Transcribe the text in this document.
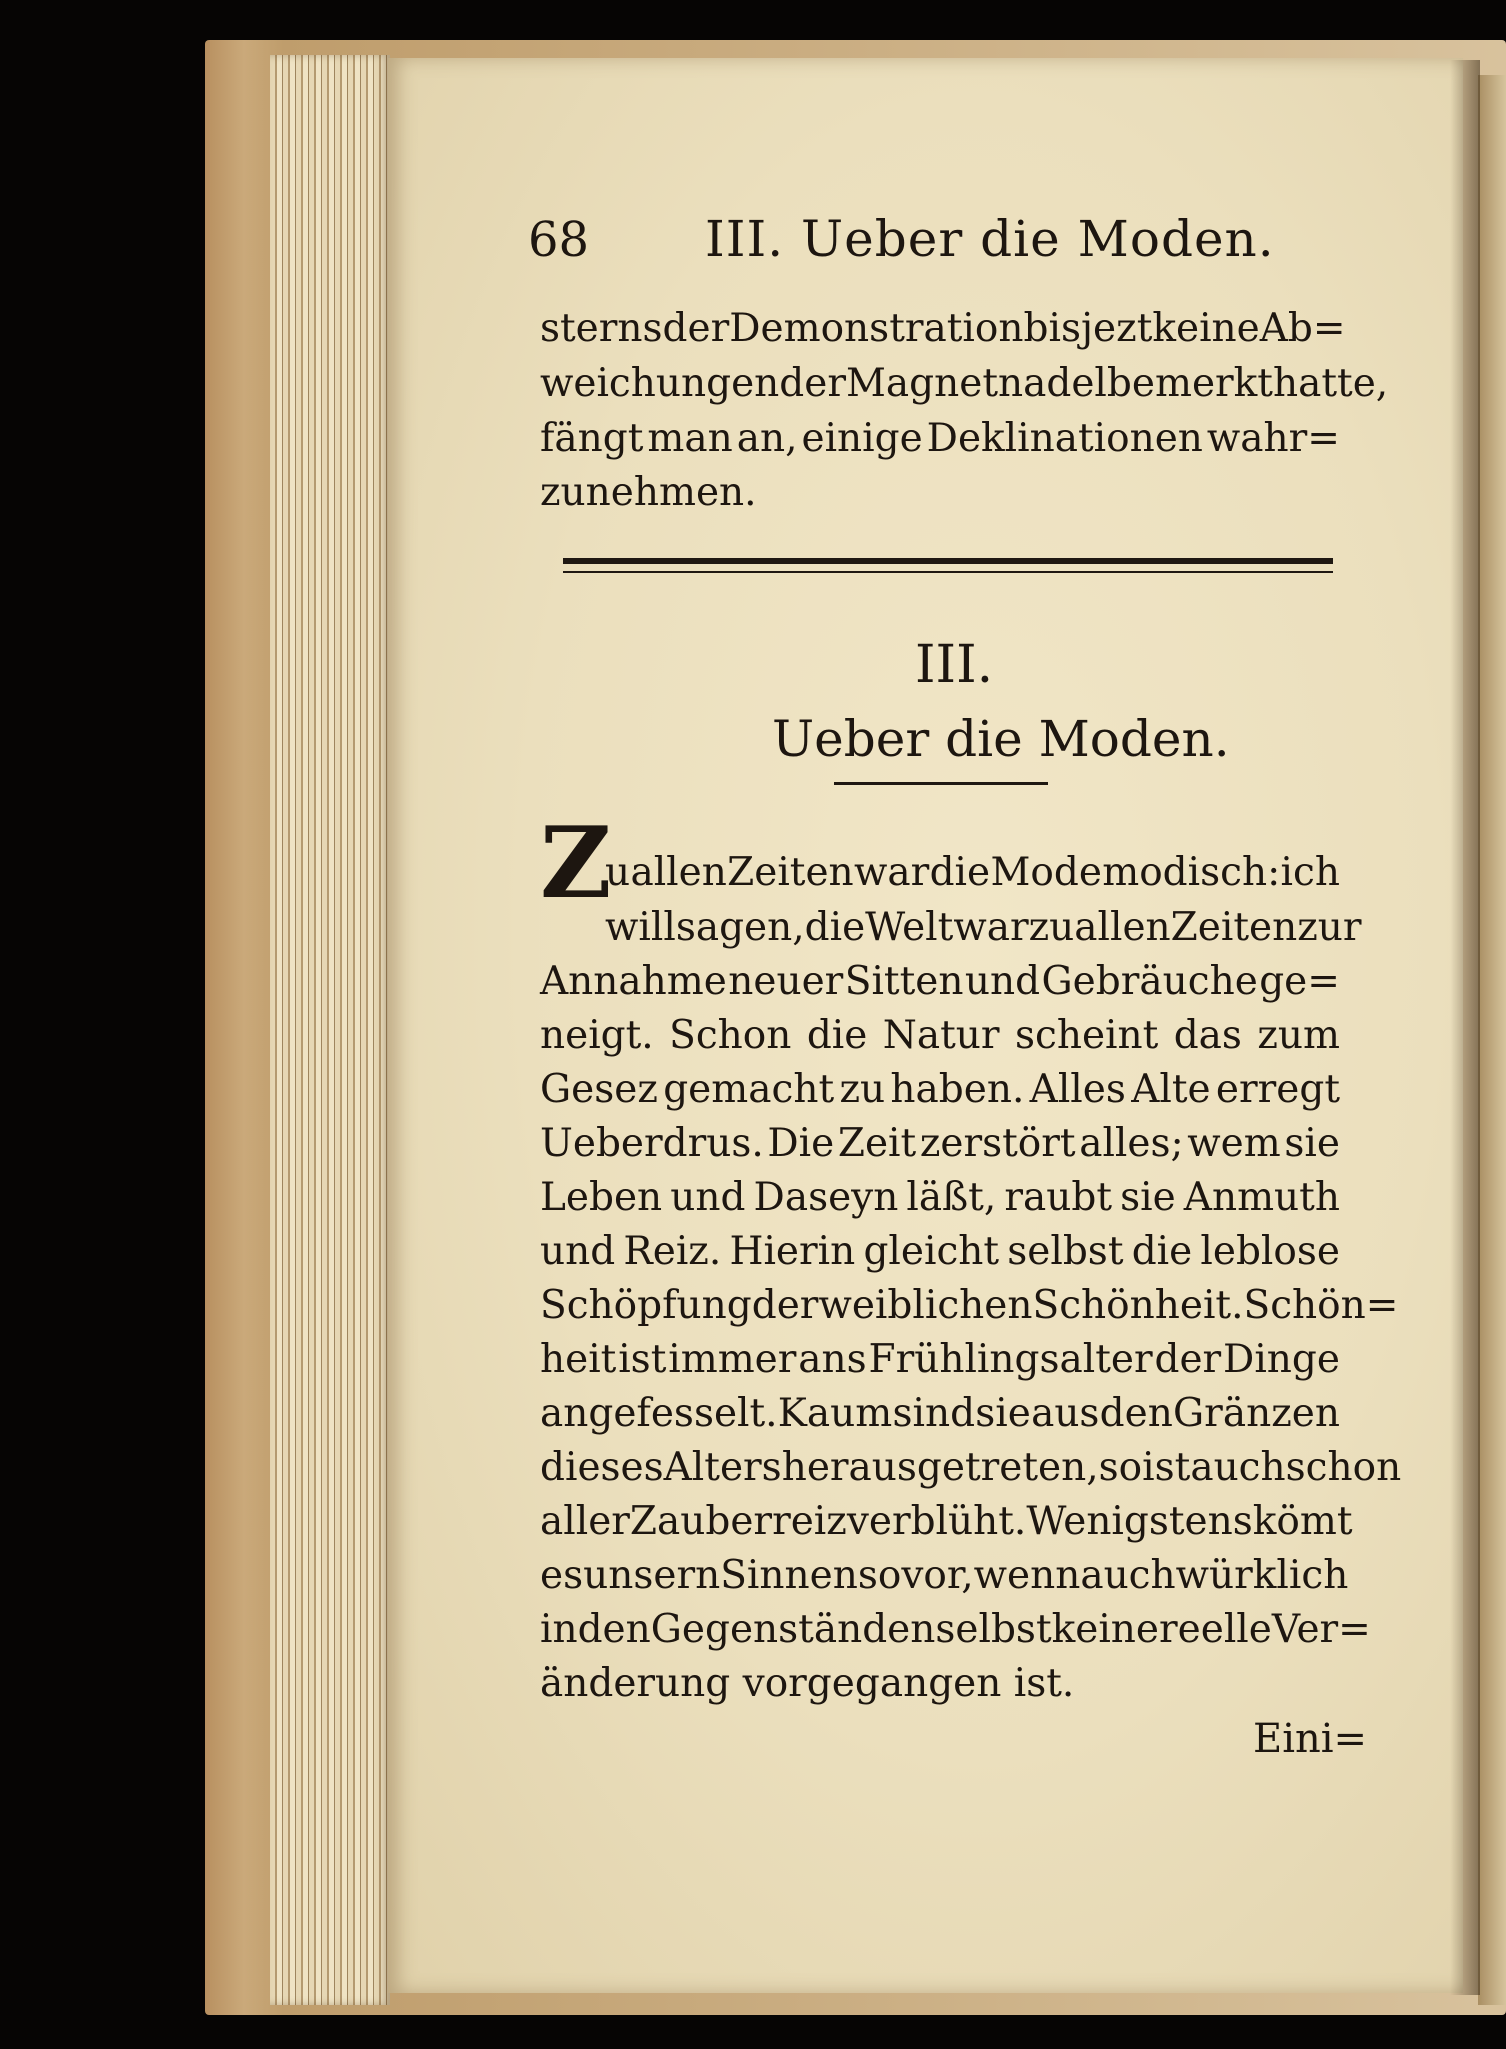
68 III. Ueber die Moden.
sterns der Demonstration bis jezt keine Ab=
weichungen der Magnetnadel bemerkt hatte,
fängt man an, einige Deklinationen wahr=
zunehmen.
III.
Ueber die Moden.
Z
u allen Zeiten war die Mode modisch: ich
will sagen, die Welt war zu allen Zeiten zur
Annahme neuer Sitten und Gebräuche ge=
neigt. Schon die Natur scheint das zum
Gesez gemacht zu haben. Alles Alte erregt
Ueberdrus. Die Zeit zerstört alles; wem sie
Leben und Daseyn läßt, raubt sie Anmuth
und Reiz. Hierin gleicht selbst die leblose
Schöpfung der weiblichen Schönheit. Schön=
heit ist immer ans Frühlingsalter der Dinge
angefesselt. Kaum sind sie aus den Gränzen
dieses Alters herausgetreten, so ist auch schon
aller Zauberreiz verblüht. Wenigstens kömt
es unsern Sinnen so vor, wenn auch würklich
in den Gegenständen selbst keine reelle Ver=
änderung vorgegangen ist.
Eini=
